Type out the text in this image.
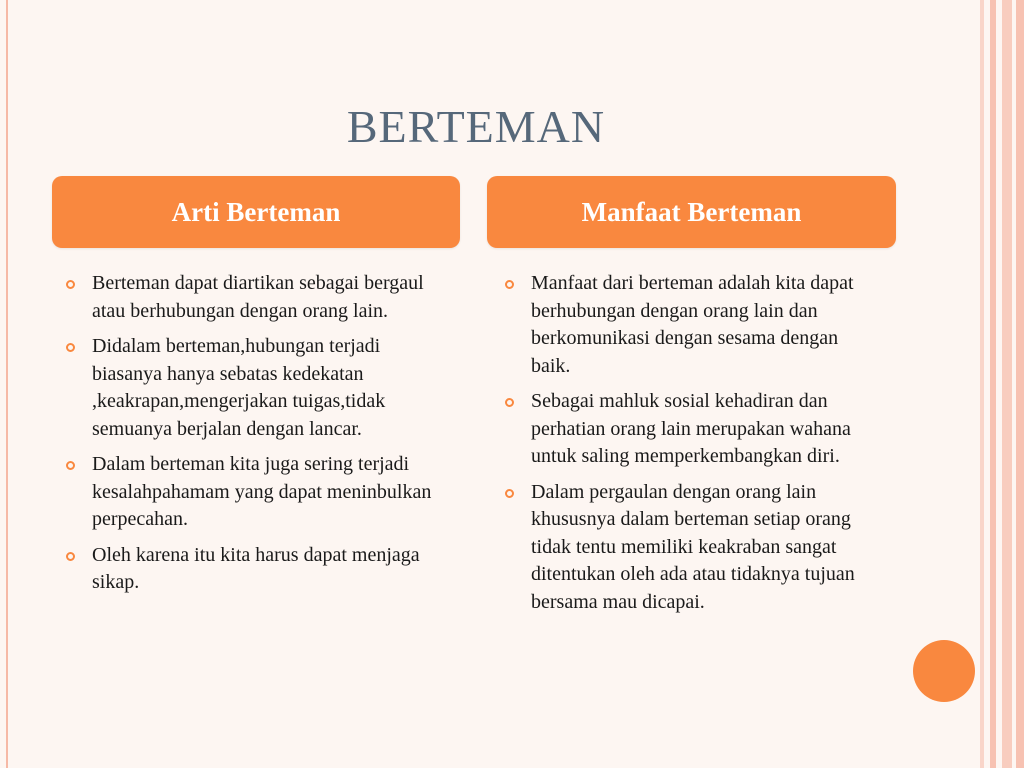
BERTEMAN
Arti Berteman	Manfaat Berteman
Berteman dapat diartikan sebagai bergaul atau berhubungan dengan orang lain.
Didalam berteman,hubungan terjadi biasanya hanya sebatas kedekatan ,keakrapan,mengerjakan tuigas,tidak semuanya berjalan dengan lancar.
Dalam berteman kita juga sering terjadi kesalahpahamam yang dapat meninbulkan perpecahan.
Oleh karena itu kita harus dapat menjaga sikap.
Manfaat dari berteman adalah kita dapat berhubungan dengan orang lain dan berkomunikasi dengan sesama dengan baik.
Sebagai mahluk sosial kehadiran dan perhatian orang lain merupakan wahana untuk saling memperkembangkan diri.
Dalam pergaulan dengan orang lain khususnya dalam berteman setiap orang tidak tentu memiliki keakraban sangat ditentukan oleh ada atau tidaknya tujuan bersama mau dicapai.
